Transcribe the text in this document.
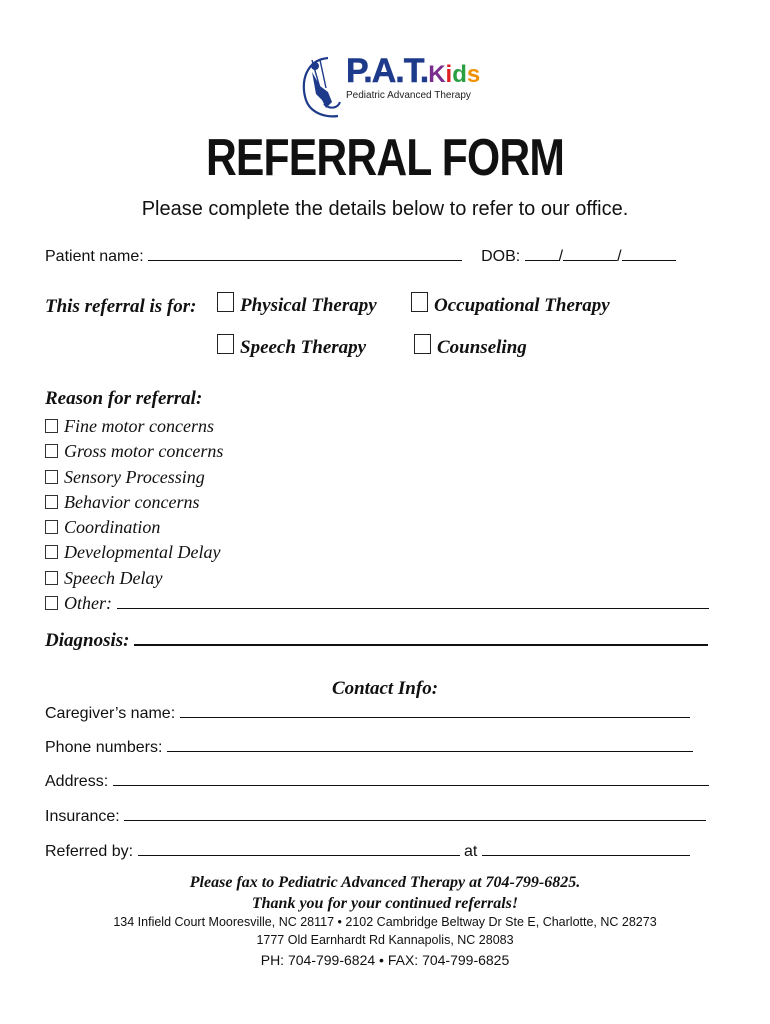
P.A.T.Kids
Pediatric Advanced Therapy
REFERRAL FORM
Please complete the details below to refer to our office.
Patient name:	DOB: /	/
This referral is for:	Physical Therapy	Occupational Therapy
Speech Therapy	Counseling
Reason for referral:
Fine motor concerns
Gross motor concerns
Sensory Processing
Behavior concerns
Coordination
Developmental Delay
Speech Delay
Other:
Diagnosis:
Contact Info:
Caregiver’s name:
Phone numbers:
Address:
Insurance:
Referred by:	at
Please fax to Pediatric Advanced Therapy at 704-799-6825.
Thank you for your continued referrals!
134 Infield Court Mooresville, NC 28117 • 2102 Cambridge Beltway Dr Ste E, Charlotte, NC 28273
1777 Old Earnhardt Rd Kannapolis, NC 28083
PH: 704-799-6824 • FAX: 704-799-6825
